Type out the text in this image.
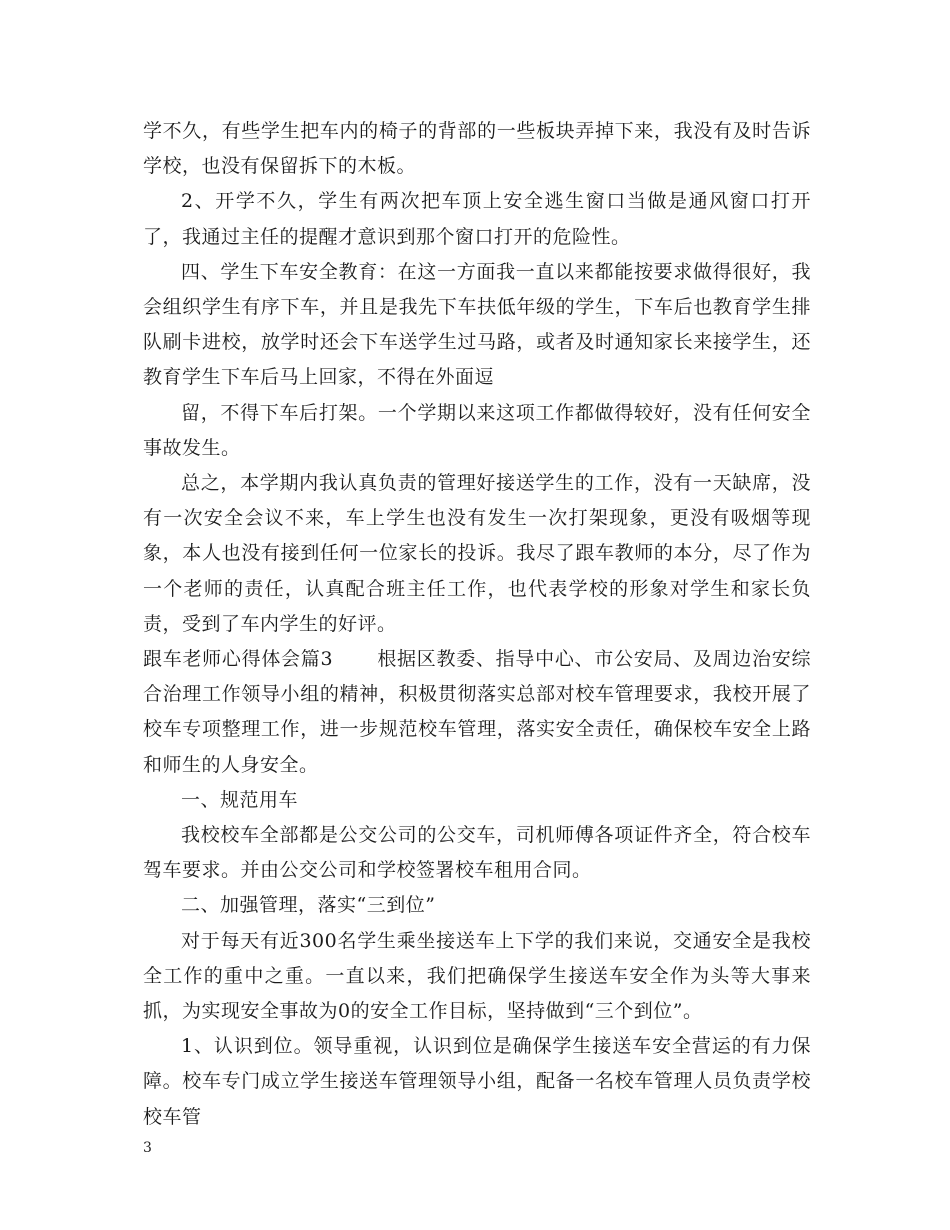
学不久，有些学生把车内的椅子的背部的一些板块弄掉下来，我没有及时告诉学校，也没有保留拆下的木板。

2、开学不久，学生有两次把车顶上安全逃生窗口当做是通风窗口打开了，我通过主任的提醒才意识到那个窗口打开的危险性。

四、学生下车安全教育：在这一方面我一直以来都能按要求做得很好，我会组织学生有序下车，并且是我先下车扶低年级的学生，下车后也教育学生排队刷卡进校，放学时还会下车送学生过马路，或者及时通知家长来接学生，还教育学生下车后马上回家，不得在外面逗

留，不得下车后打架。一个学期以来这项工作都做得较好，没有任何安全事故发生。

总之，本学期内我认真负责的管理好接送学生的工作，没有一天缺席，没有一次安全会议不来，车上学生也没有发生一次打架现象，更没有吸烟等现象，本人也没有接到任何一位家长的投诉。我尽了跟车教师的本分，尽了作为一个老师的责任，认真配合班主任工作，也代表学校的形象对学生和家长负责，受到了车内学生的好评。

跟车老师心得体会篇3 根据区教委、指导中心、市公安局、及周边治安综合治理工作领导小组的精神，积极贯彻落实总部对校车管理要求，我校开展了校车专项整理工作，进一步规范校车管理，落实安全责任，确保校车安全上路和师生的人身安全。

一、规范用车

我校校车全部都是公交公司的公交车，司机师傅各项证件齐全，符合校车驾车要求。并由公交公司和学校签署校车租用合同。

二、加强管理，落实“三到位”

对于每天有近300名学生乘坐接送车上下学的我们来说，交通安全是我校全工作的重中之重。一直以来，我们把确保学生接送车安全作为头等大事来抓，为实现安全事故为0的安全工作目标，坚持做到“三个到位”。

1、认识到位。领导重视，认识到位是确保学生接送车安全营运的有力保障。校车专门成立学生接送车管理领导小组，配备一名校车管理人员负责学校校车管

3
